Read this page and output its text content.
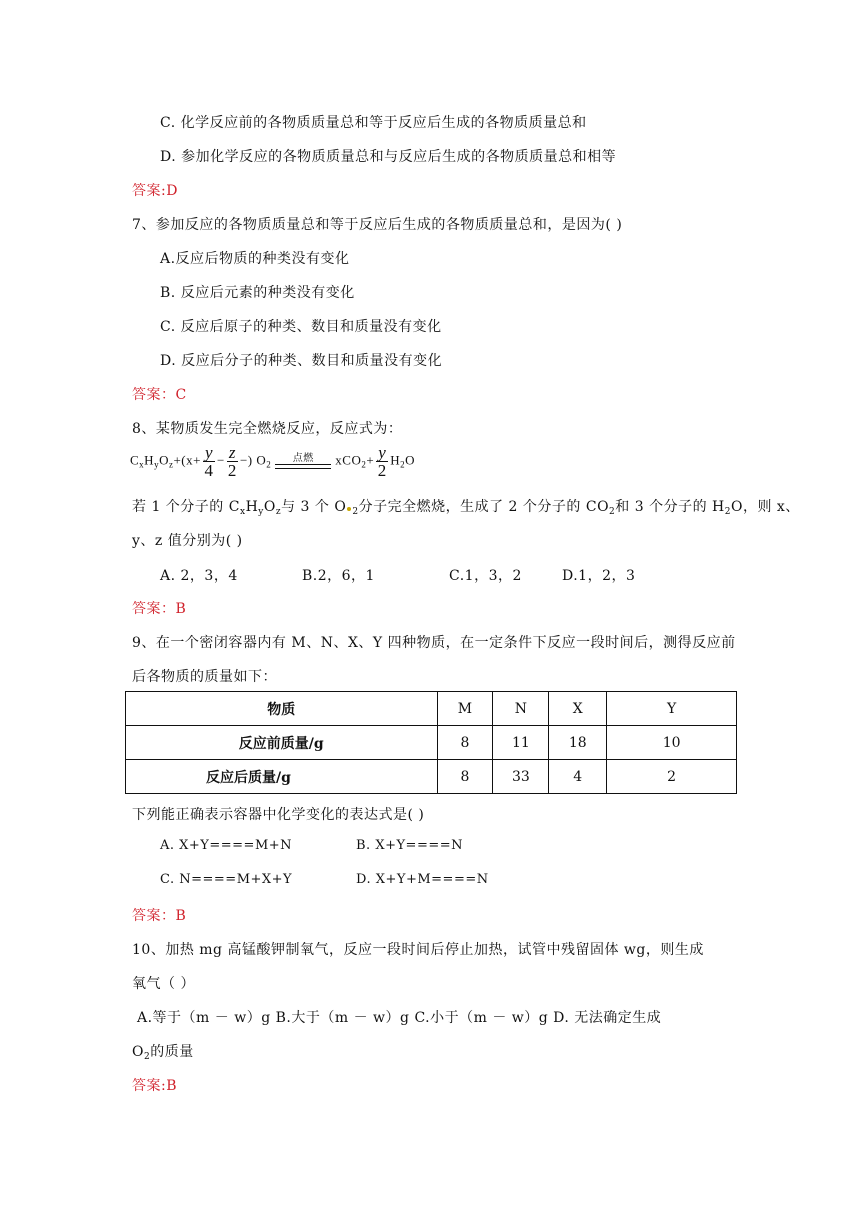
C. 化学反应前的各物质质量总和等于反应后生成的各物质质量总和
D. 参加化学反应的各物质质量总和与反应后生成的各物质质量总和相等
答案:D
7、参加反应的各物质质量总和等于反应后生成的各物质质量总和，是因为( )
A.反应后物质的种类没有变化
B. 反应后元素的种类没有变化
C. 反应后原子的种类、数目和质量没有变化
D. 反应后分子的种类、数目和质量没有变化
答案：C
8、某物质发生完全燃烧反应，反应式为：
$C_xH_yO_z+(x+ \frac{y}{4} - \frac{z}{2}$ −) $O_2$
点燃	$xCO_2+ \frac{y}{2} H_2O$
若 1 个分子的 $C_xH_yO_z$与 3 个 O $_2$分子完全燃烧，生成了 2 个分子的 $CO_2$和 3 个分子的 $H_2O$，则 x、
y、z 值分别为( )
A. 2，3，4	B.2，6，1	C.1，3，2	D.1，2，3
答案：B
9、在一个密闭容器内有 M、N、X、Y 四种物质，在一定条件下反应一段时间后，测得反应前
后各物质的质量如下：
物质	M	N	X	Y
反应前质量/g	8	11	18	10
反应后质量/g	8	33	4	2
下列能正确表示容器中化学变化的表达式是( )
A. X+Y====M+N	B. X+Y====N
C. N====M+X+Y	D. X+Y+M====N
答案：B
10、加热 mg 高锰酸钾制氧气，反应一段时间后停止加热，试管中残留固体 wg，则生成
氧气（ ）
A.等于（m － w）g B.大于（m － w）g C.小于（m － w）g D. 无法确定生成
$O_2$的质量
答案:B
